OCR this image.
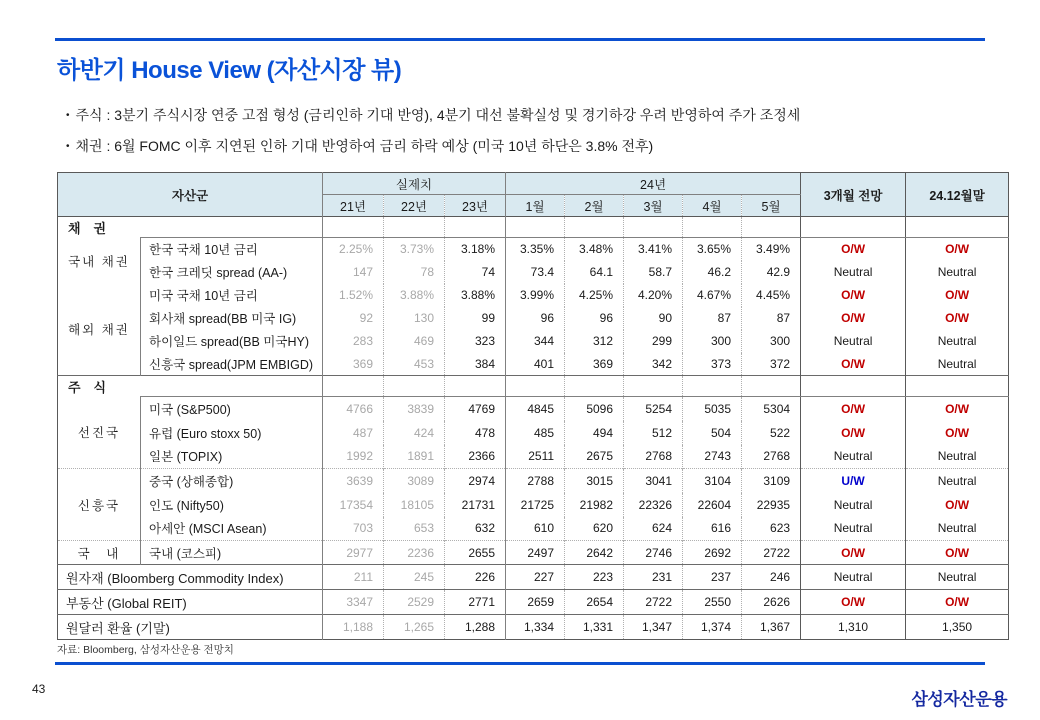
하반기 House View (자산시장 뷰)
• 주식 : 3분기 주식시장 연중 고점 형성 (금리인하 기대 반영), 4분기 대선 불확실성 및 경기하강 우려 반영하여 주가 조정세
• 채권 : 6월 FOMC 이후 지연된 인하 기대 반영하여 금리 하락 예상 (미국 10년 하단은 3.8% 전후)
자산군		실제치			24년					3개월 전망	24.12월말
		21년	22년	23년	1월	2월	3월	4월	5월		
채　권											
국내 채권	한국 국채 10년 금리	2.25%	3.73%	3.18%	3.35%	3.48%	3.41%	3.65%	3.49%	O/W	O/W
	한국 크레딧 spread (AA-)	147	78	74	73.4	64.1	58.7	46.2	42.9	Neutral	Neutral
해외 채권	미국 국채 10년 금리	1.52%	3.88%	3.88%	3.99%	4.25%	4.20%	4.67%	4.45%	O/W	O/W
	회사채 spread(BB 미국 IG)	92	130	99	96	96	90	87	87	O/W	O/W
	하이일드 spread(BB 미국HY)	283	469	323	344	312	299	300	300	Neutral	Neutral
	신흥국 spread(JPM EMBIGD)	369	453	384	401	369	342	373	372	O/W	Neutral
주　식											
선진국	미국 (S&P500)	4766	3839	4769	4845	5096	5254	5035	5304	O/W	O/W
	유럽 (Euro stoxx 50)	487	424	478	485	494	512	504	522	O/W	O/W
	일본 (TOPIX)	1992	1891	2366	2511	2675	2768	2743	2768	Neutral	Neutral
신흥국	중국 (상해종합)	3639	3089	2974	2788	3015	3041	3104	3109	U/W	Neutral
	인도 (Nifty50)	17354	18105	21731	21725	21982	22326	22604	22935	Neutral	O/W
	아세안 (MSCI Asean)	703	653	632	610	620	624	616	623	Neutral	Neutral
국　내	국내 (코스피)	2977	2236	2655	2497	2642	2746	2692	2722	O/W	O/W
원자재 (Bloomberg Commodity Index)		211	245	226	227	223	231	237	246	Neutral	Neutral
부동산 (Global REIT)		3347	2529	2771	2659	2654	2722	2550	2626	O/W	O/W
원달러 환율 (기말)		1,188	1,265	1,288	1,334	1,331	1,347	1,374	1,367	1,310	1,350
자료: Bloomberg, 삼성자산운용 전망치
43
삼성자산운용
